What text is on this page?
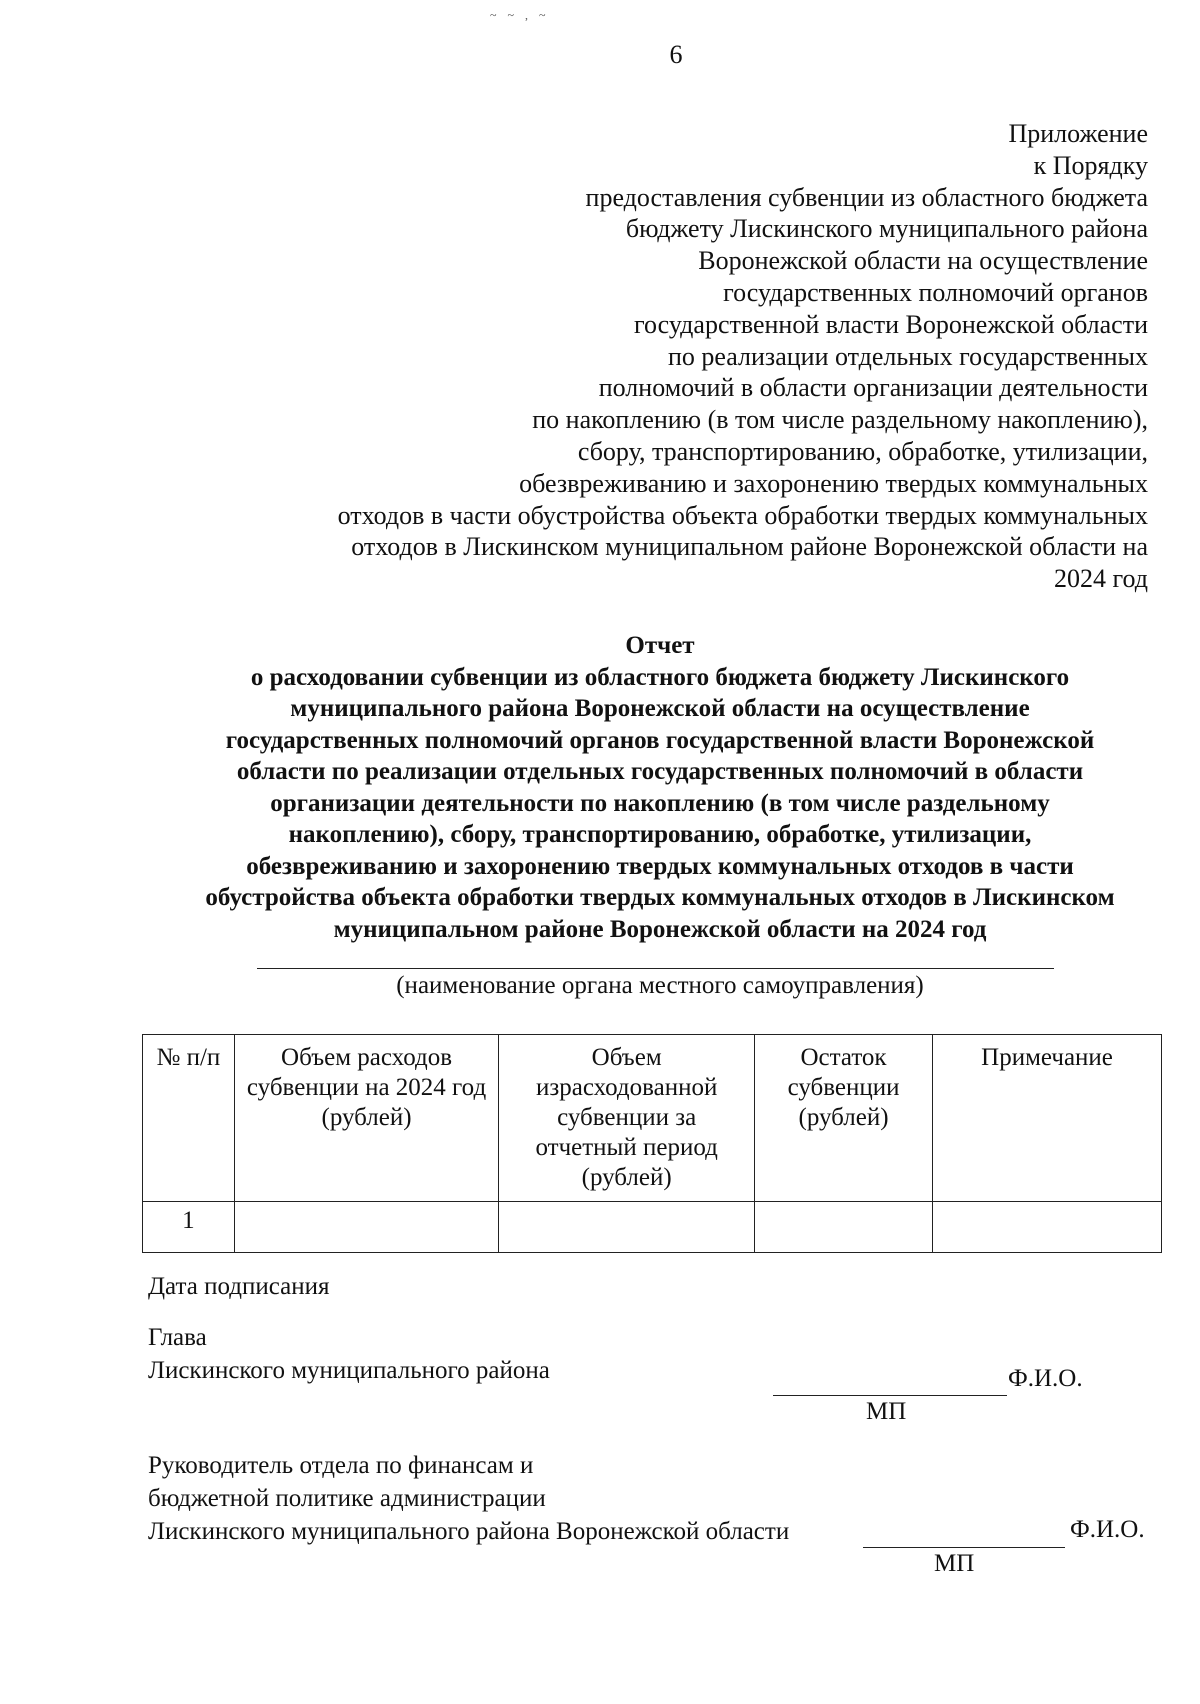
~ ~ , ~
6
Приложение
к Порядку
предоставления субвенции из областного бюджета
бюджету Лискинского муниципального района
Воронежской области на осуществление
государственных полномочий органов
государственной власти Воронежской области
по реализации отдельных государственных
полномочий в области организации деятельности
по накоплению (в том числе раздельному накоплению),
сбору, транспортированию, обработке, утилизации,
обезвреживанию и захоронению твердых коммунальных
отходов в части обустройства объекта обработки твердых коммунальных
отходов в Лискинском муниципальном районе Воронежской области на
2024 год
Отчет
о расходовании субвенции из областного бюджета бюджету Лискинского
муниципального района Воронежской области на осуществление
государственных полномочий органов государственной власти Воронежской
области по реализации отдельных государственных полномочий в области
организации деятельности по накоплению (в том числе раздельному
накоплению), сбору, транспортированию, обработке, утилизации,
обезвреживанию и захоронению твердых коммунальных отходов в части
обустройства объекта обработки твердых коммунальных отходов в Лискинском
муниципальном районе Воронежской области на 2024 год
(наименование органа местного самоуправления)
№ п/п	Объем расходов субвенции на 2024 год (рублей)	Объем израсходованной субвенции за отчетный период (рублей)	Остаток субвенции (рублей)	Примечание
1				
Дата подписания
Глава
Лискинского муниципального района	Ф.И.О.
МП
Руководитель отдела по финансам и
бюджетной политике администрации
Лискинского муниципального района Воронежской области	Ф.И.О.
МП
